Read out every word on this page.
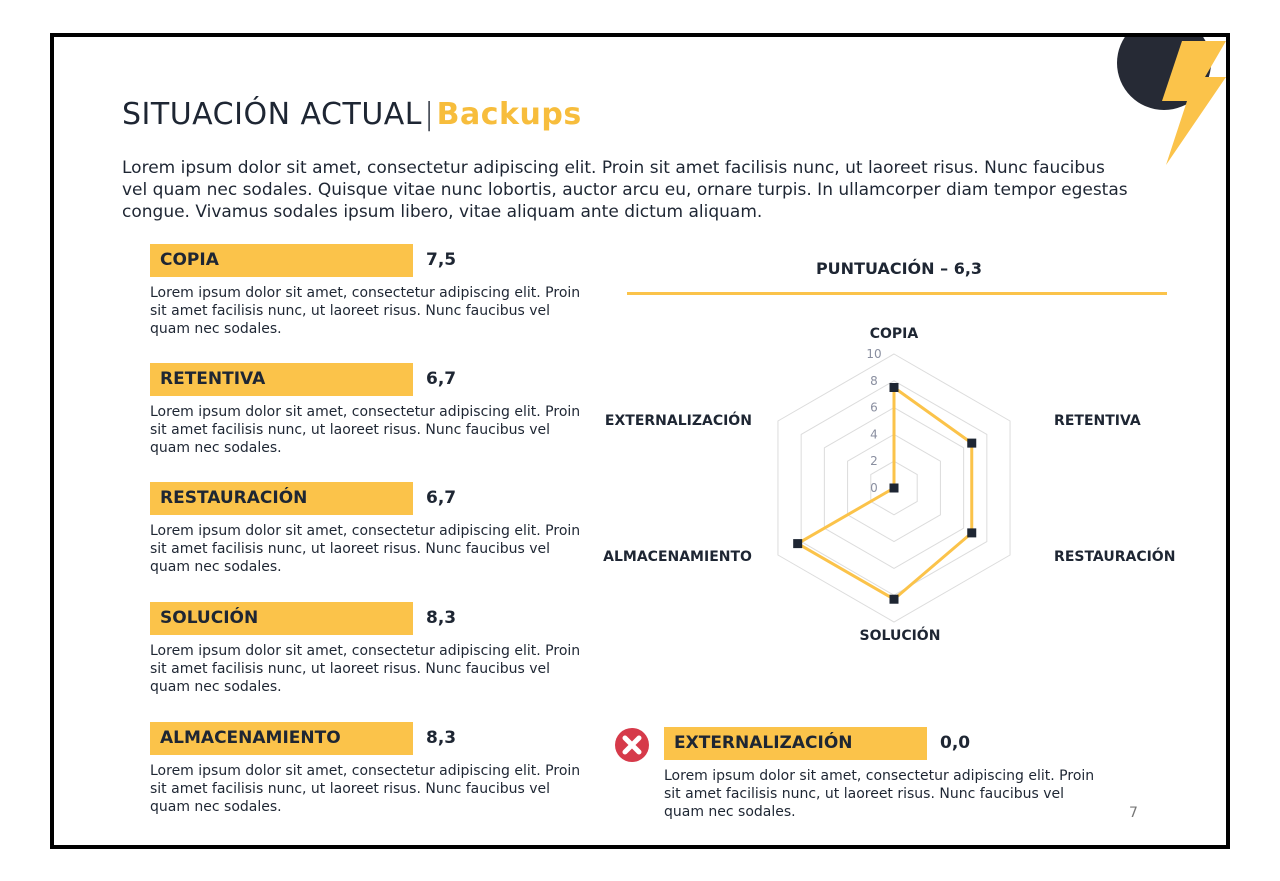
SITUACIÓN ACTUAL|Backups

Lorem ipsum dolor sit amet, consectetur adipiscing elit. Proin sit amet facilisis nunc, ut laoreet risus. Nunc faucibus vel quam nec sodales. Quisque vitae nunc lobortis, auctor arcu eu, ornare turpis. In ullamcorper diam tempor egestas congue. Vivamus sodales ipsum libero, vitae aliquam ante dictum aliquam.

COPIA	7,5

Lorem ipsum dolor sit amet, consectetur adipiscing elit. Proin sit amet facilisis nunc, ut laoreet risus. Nunc faucibus vel quam nec sodales.

RETENTIVA	6,7

Lorem ipsum dolor sit amet, consectetur adipiscing elit. Proin sit amet facilisis nunc, ut laoreet risus. Nunc faucibus vel quam nec sodales.

RESTAURACIÓN	6,7

Lorem ipsum dolor sit amet, consectetur adipiscing elit. Proin sit amet facilisis nunc, ut laoreet risus. Nunc faucibus vel quam nec sodales.

SOLUCIÓN	8,3

Lorem ipsum dolor sit amet, consectetur adipiscing elit. Proin sit amet facilisis nunc, ut laoreet risus. Nunc faucibus vel quam nec sodales.

ALMACENAMIENTO	8,3

Lorem ipsum dolor sit amet, consectetur adipiscing elit. Proin sit amet facilisis nunc, ut laoreet risus. Nunc faucibus vel quam nec sodales.

EXTERNALIZACIÓN	0,0

Lorem ipsum dolor sit amet, consectetur adipiscing elit. Proin sit amet facilisis nunc, ut laoreet risus. Nunc faucibus vel quam nec sodales.

PUNTUACIÓN – 6,3
0
2
4
6
8
10
COPIA
RETENTIVA
RESTAURACIÓN
SOLUCIÓN
ALMACENAMIENTO
EXTERNALIZACIÓN
7
